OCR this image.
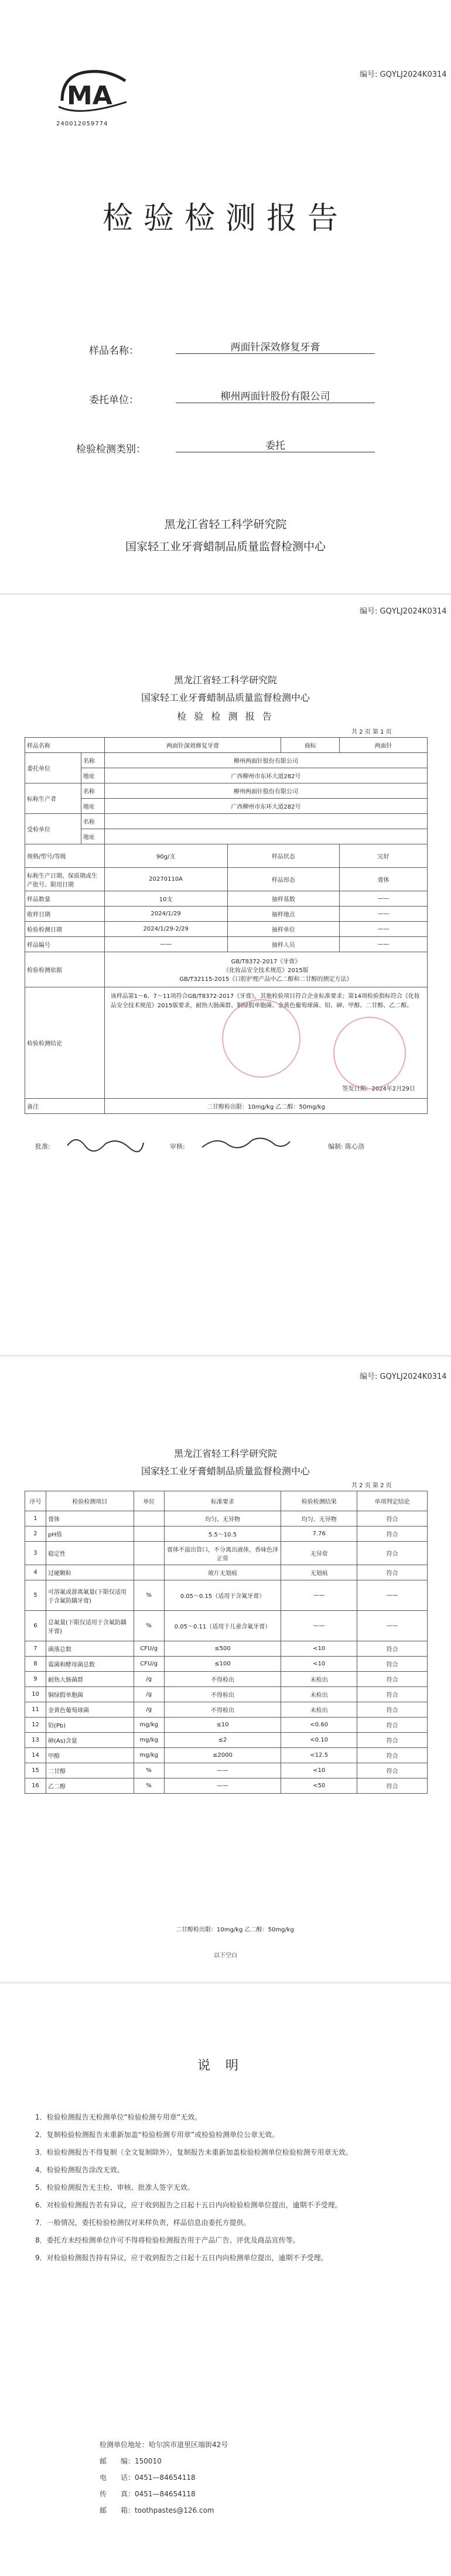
MA
240012059774
编号: GQYLJ2024K0314
检验检测报告
样品名称：	两面针深效修复牙膏
委托单位：	柳州两面针股份有限公司
检验检测类别：	委托
黑龙江省轻工科学研究院
国家轻工业牙膏蜡制品质量监督检测中心
编号: GQYLJ2024K0314
黑龙江省轻工科学研究院
国家轻工业牙膏蜡制品质量监督检测中心
检 验 检 测 报 告
共 2 页 第 1 页
样品名称		两面针深效修复牙膏		商标	两面针
委托单位	名称	柳州两面针股份有限公司			
	地址	广西柳州市东环大道282号			
标称生产者	名称	柳州两面针股份有限公司			
	地址	广西柳州市东环大道282号			
受检单位	名称				
	地址				
规格/型号/等级		90g/支	样品状态		完好
标称生产日期、保质期或生产批号、限用日期		20270110A	样品形态		膏体
样品数量		10支	抽样基数		——
收样日期		2024/1/29	抽样地点		——
检验检测日期		2024/1/29-2/29	抽样单位		——
样品编号		——	抽样人员		——
检验检测依据		GB/T8372-2017《牙膏》
《化妆品安全技术规范》2015版
GB/T32115-2015《口腔护理产品中乙二醇和二甘醇的测定方法》			

检验检测结论		该样品第1～6、7～11项符合GB/T8372-2017《牙膏》，其他检验项目符合企业标准要求；第14项检验指标符合《化妆品安全技术规范》2015版要求，耐热大肠菌群、铜绿假单胞菌、金黄色葡萄球菌、铅、砷、甲醇、二甘醇、乙二醇。
签发日期：2024年2月29日			

备注		二甘醇检出限：10mg/kg 乙二醇：50mg/kg			
批准:	审核:	编制: 陈心洛
编号: GQYLJ2024K0314
黑龙江省轻工科学研究院
国家轻工业牙膏蜡制品质量监督检测中心
共 2 页 第 2 页
序号	检验检测项目	单位	标准要求	检验检测结果	单项判定结论
1	膏体		均匀、无异物	均匀、无异物	符合
2	pH值		5.5～10.5	7.76	符合
3	稳定性		膏体不溢出管口，不分离出液体，香味色泽正常	无异常	符合
4	过硬颗粒		玻片无划痕	无划痕	符合
5	可溶氟或游离氟量(下限仅适用于含氟防龋牙膏)	%	0.05～0.15（适用于含氟牙膏）	——	——
6	总氟量(下限仅适用于含氟防龋牙膏)	%	0.05～0.11（适用于儿童含氟牙膏）	——	——
7	菌落总数	CFU/g	≤500	<10	符合
8	霉菌和酵母菌总数	CFU/g	≤100	<10	符合
9	耐热大肠菌群	/g	不得检出	未检出	符合
10	铜绿假单胞菌	/g	不得检出	未检出	符合
11	金黄色葡萄球菌	/g	不得检出	未检出	符合
12	铅(Pb)	mg/kg	≤10	<0.60	符合
13	砷(As)含量	mg/kg	≤2	<0.10	符合
14	甲醇	mg/kg	≤2000	<12.5	符合
15	二甘醇	%	——	<10	符合
16	乙二醇	%	——	<50	符合
以下空白
二甘醇检出限：10mg/kg 乙二醇：50mg/kg
说明
1．检验检测报告无检测单位“检验检测专用章”无效。
2．复制检验检测报告未重新加盖“检验检测专用章”或检验检测单位公章无效。
3．检验检测报告不得复制（全文复制除外），复制报告未重新加盖检验检测单位检验检测专用章无效。
4．检验检测报告涂改无效。
5．检验检测报告无主检、审核、批准人签字无效。
6．对检验检测报告若有异议，应于收到报告之日起十五日内向检验检测单位提出，逾期不予受理。
7．一般情况，委托检验检测仅对来样负责，样品信息由委托方提供。
8．委托方未经检测单位许可不得将检验检测报告用于产品广告、评优及商品宣传等。
9．对检验检测报告持有异议，应于收到报告之日起十五日内向检测单位提出，逾期不予受理。
检测单位地址：哈尔滨市道里区端街42号
邮　　编：150010
电　　话：0451—84654118
传　　真：0451—84654118
邮　　箱：toothpastes@126.com
